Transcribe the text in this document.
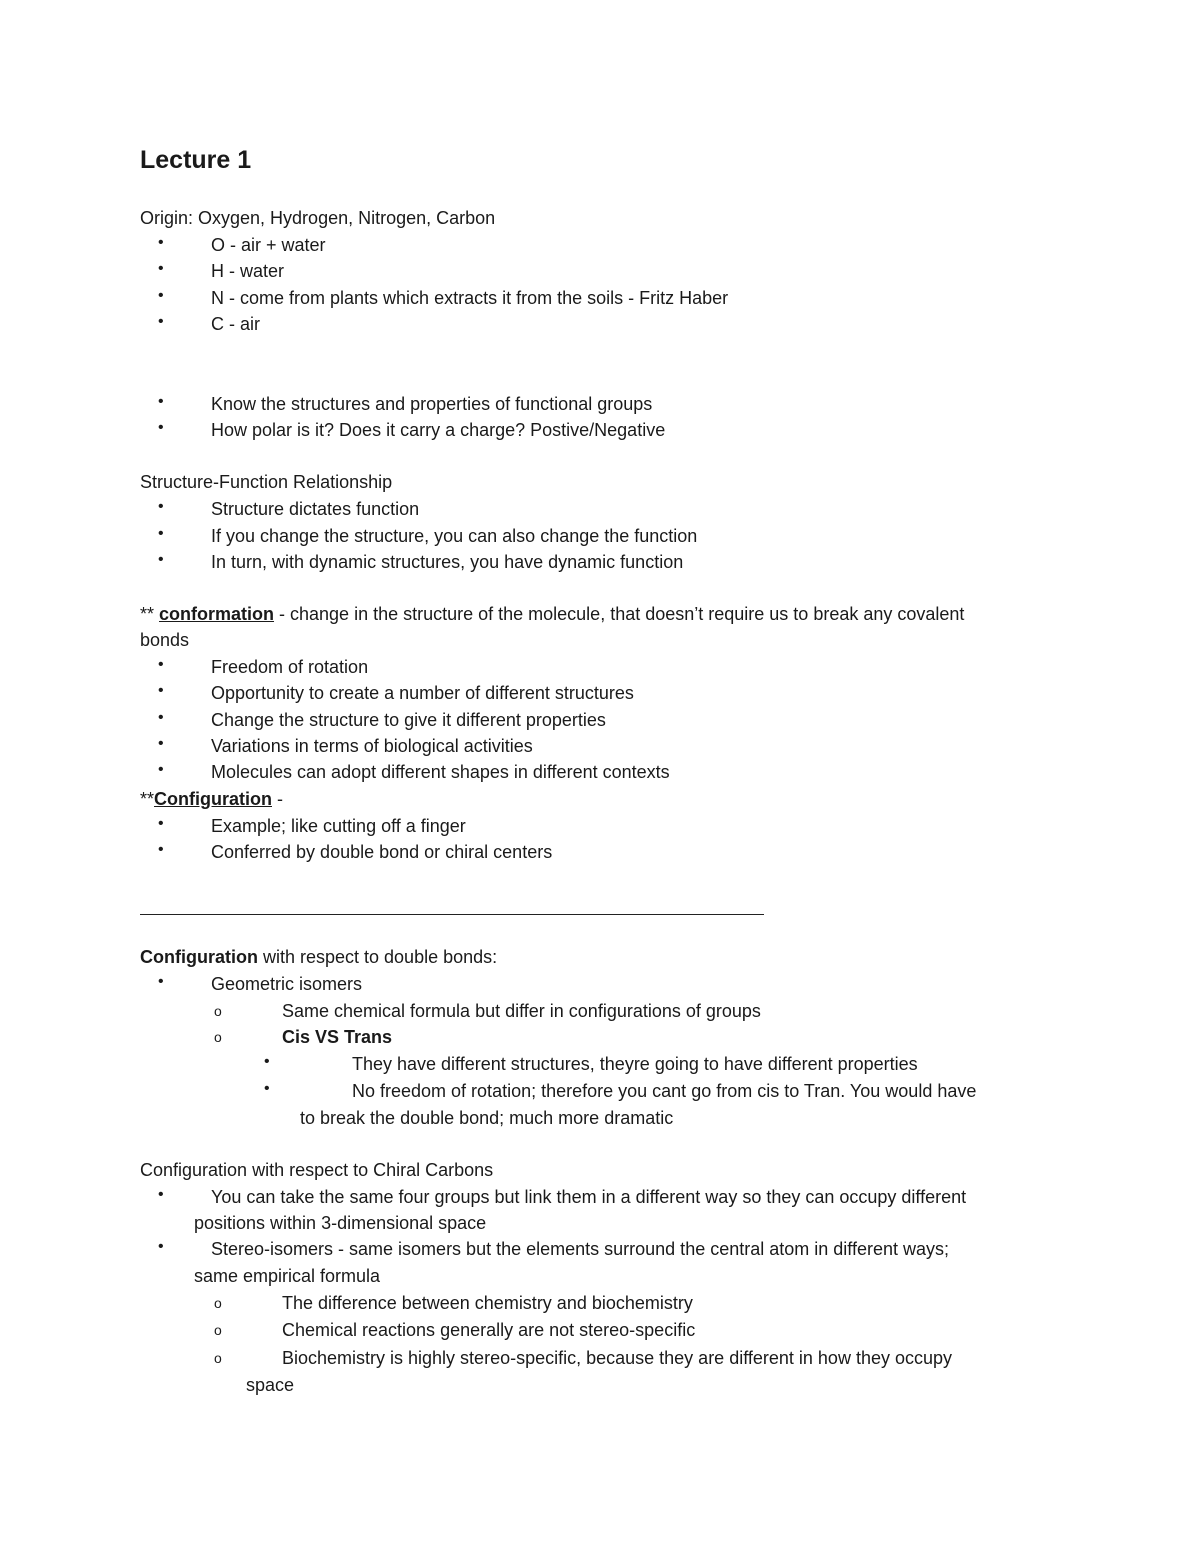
Lecture 1
Origin: Oxygen, Hydrogen, Nitrogen, Carbon
•	O - air + water
•	H - water
•	N - come from plants which extracts it from the soils - Fritz Haber
•	C - air
•	Know the structures and properties of functional groups
•	How polar is it? Does it carry a charge? Postive/Negative
Structure-Function Relationship
•	Structure dictates function
•	If you change the structure, you can also change the function
•	In turn, with dynamic structures, you have dynamic function
** conformation - change in the structure of the molecule, that doesn’t require us to break any covalent
bonds
•	Freedom of rotation
•	Opportunity to create a number of different structures
•	Change the structure to give it different properties
•	Variations in terms of biological activities
•	Molecules can adopt different shapes in different contexts
**Configuration -
•	Example; like cutting off a finger
•	Conferred by double bond or chiral centers
Configuration with respect to double bonds:
•	Geometric isomers
o	Same chemical formula but differ in configurations of groups
o	Cis VS Trans
•	They have different structures, theyre going to have different properties
•	No freedom of rotation; therefore you cant go from cis to Tran. You would have
to break the double bond; much more dramatic
Configuration with respect to Chiral Carbons
•	You can take the same four groups but link them in a different way so they can occupy different
positions within 3-dimensional space
•	Stereo-isomers - same isomers but the elements surround the central atom in different ways;
same empirical formula
o	The difference between chemistry and biochemistry
o	Chemical reactions generally are not stereo-specific
o	Biochemistry is highly stereo-specific, because they are different in how they occupy
space
